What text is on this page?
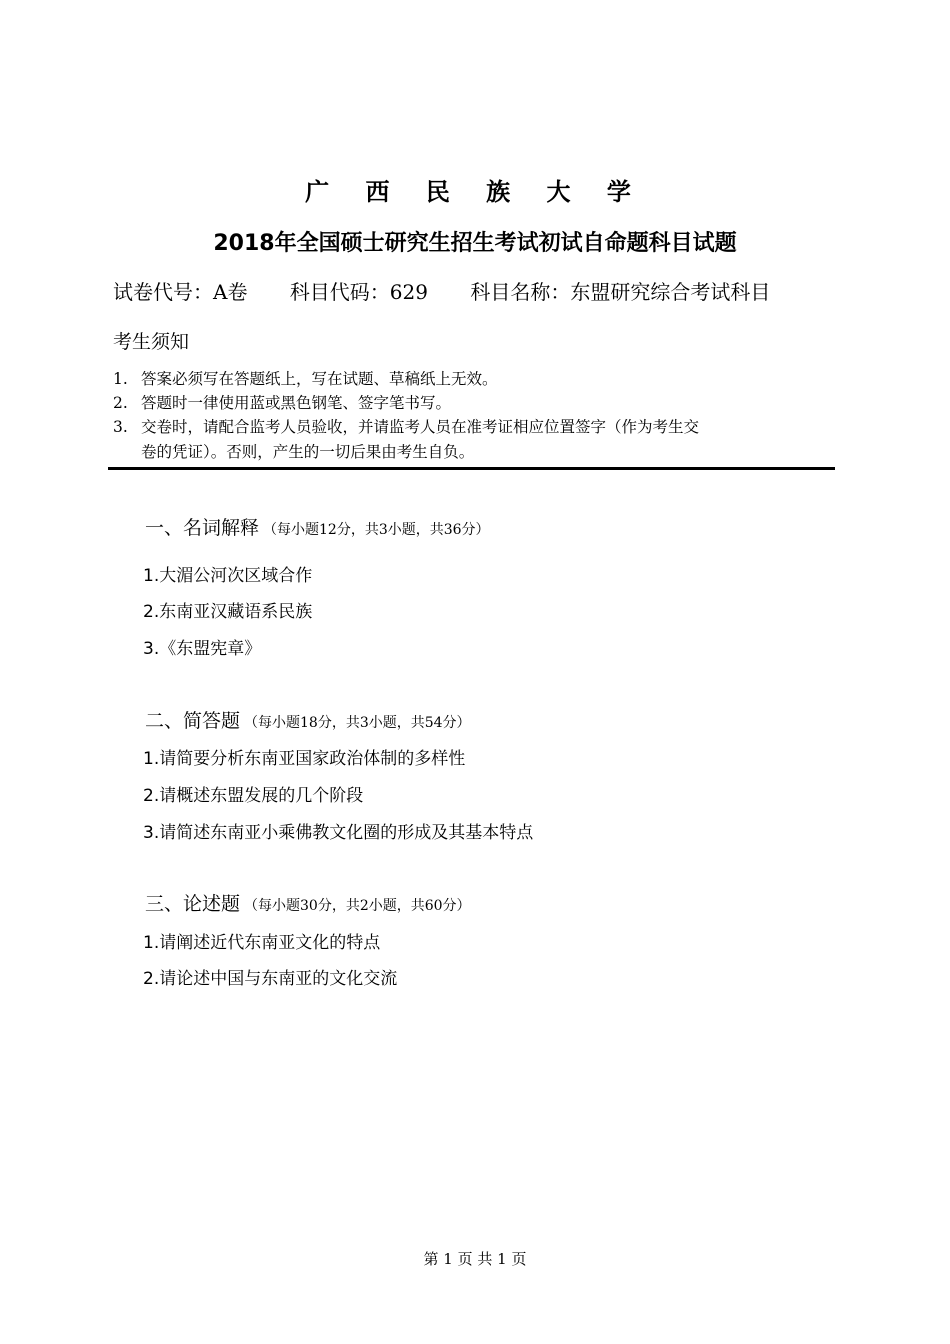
广 西 民 族 大 学
2018年全国硕士研究生招生考试初试自命题科目试题
试卷代号：A卷 科目代码：629 科目名称：东盟研究综合考试科目
考生须知
1. 答案必须写在答题纸上，写在试题、草稿纸上无效。
2. 答题时一律使用蓝或黑色钢笔、签字笔书写。
3. 交卷时，请配合监考人员验收，并请监考人员在准考证相应位置签字（作为考生交
卷的凭证）。否则，产生的一切后果由考生自负。
一、名词解释 （每小题12分，共3小题，共36分）
1.大湄公河次区域合作
2.东南亚汉藏语系民族
3.《东盟宪章》
二、简答题 （每小题18分，共3小题，共54分）
1.请简要分析东南亚国家政治体制的多样性
2.请概述东盟发展的几个阶段
3.请简述东南亚小乘佛教文化圈的形成及其基本特点
三、论述题 （每小题30分，共2小题，共60分）
1.请阐述近代东南亚文化的特点
2.请论述中国与东南亚的文化交流
第 1 页 共 1 页
